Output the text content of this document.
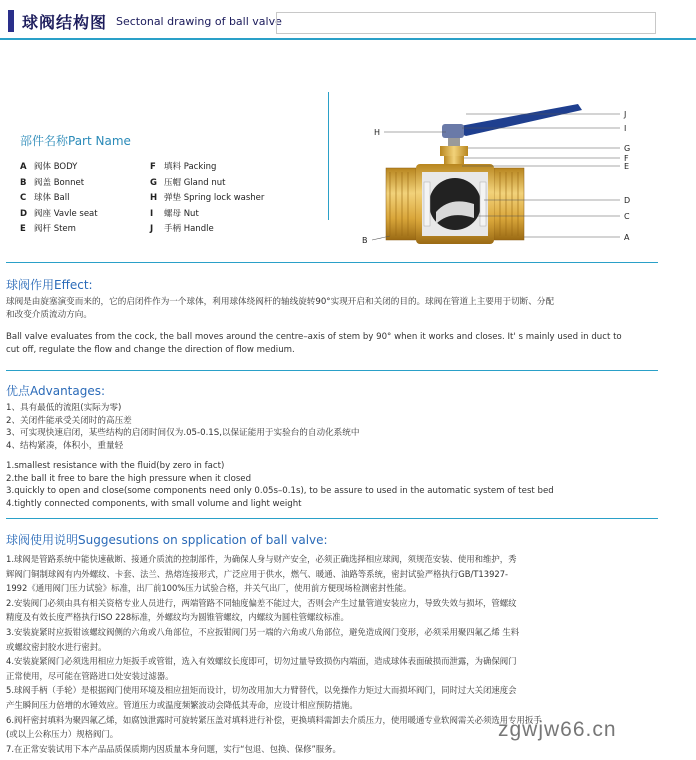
球阀结构图 Sectonal drawing of ball valve
部件名称Part Name
A 阀体 BODY
B 阀盖 Bonnet
C 球体 Ball
D 阀座 Vavle seat
E 阀杆 Stem
F 填料 Packing
G 压帽 Gland nut
H 弹垫 Spring lock washer
I 螺母 Nut
J 手柄 Handle
J
I
G
F
E
D
C
A
H
B
球阀作用Effect:
球阀是由旋塞演变而来的，它的启闭件作为一个球体，利用球体绕阀杆的轴线旋转90°实现开启和关闭的目的。球阀在管道上主要用于切断、分配
和改变介质流动方向。
Ball valve evaluates from the cock, the ball moves around the centre–axis of stem by 90° when it works and closes. It' s mainly used in duct to
cut off, regulate the flow and change the direction of flow medium.
优点Advantages:
1、具有最低的流阻(实际为零)
2、关闭件能承受关闭时的高压差
3、可实现快速启闭，某些结构的启闭时间仅为.05-0.1S,以保证能用于实验台的自动化系统中
4、结构紧凑，体积小，重量轻
1.smallest resistance with the fluid(by zero in fact)
2.the ball it free to bare the high pressure when it closed
3.quickly to open and close(some components need only 0.05s–0.1s), to be assure to used in the automatic system of test bed
4.tightly connected components, with small volume and light weight
球阀使用说明Suggesutions on spplication of ball valve:
1.球阀是管路系统中能快速截断、接通介质流的控制部件，为确保人身与财产安全，必须正确选择相应球阀，须规范安装、使用和维护，秀
辉阀门铜制球阀有内外螺纹、卡套、法兰、热熔连接形式，广泛应用于供水，燃气、暖通、油路等系统，密封试验严格执行GB/T13927-
1992《通用阀门压力试验》标准，出厂前100%压力试验合格，并关气出厂，使用前方便现场检测密封性能。
2.安装阀门必须由具有相关资格专业人员进行，两端管路不同轴度偏差不能过大，否则会产生过量管道安装应力，导致失效与损坏，管螺纹
精度及有效长度严格执行ISO 228标准，外螺纹均为圆锥管螺纹，内螺纹为圆柱管螺纹标准。
3.安装旋紧时应扳钳该螺纹阀侧的六角或八角部位，不应扳钳阀门另一端的六角或八角部位，避免造成阀门变形，必须采用聚四氟乙烯 生料
或螺纹密封胶水进行密封。
4.安装旋紧阀门必须选用相应力矩扳手或管钳，选入有效螺纹长度即可，切勿过量导致损伤内端面，造成球体表面破损而泄露，为确保阀门
正常使用，尽可能在管路进口处安装过滤器。
5.球阀手柄（手轮）是根据阀门使用环境及相应扭矩而设计，切勿改用加大力臂替代，以免操作力矩过大而损坏阀门，同时过大关闭速度会
产生瞬间压力倍增的水锤效应。管道压力或温度频繁波动会降低其寿命，应设计相应预防措施。
6.阀杆密封填料为聚四氟乙烯，如腐蚀泄露时可旋转紧压盖对填料进行补偿，更换填料需卸去介质压力，使用暖通专业软阀需关必须选用专用扳手
(或以上公称压力）规格阀门。
7.在正常安装试用下本产品品质保质期内因质量本身问题，实行“包退、包换、保修”服务。
zgwjw66.cn
